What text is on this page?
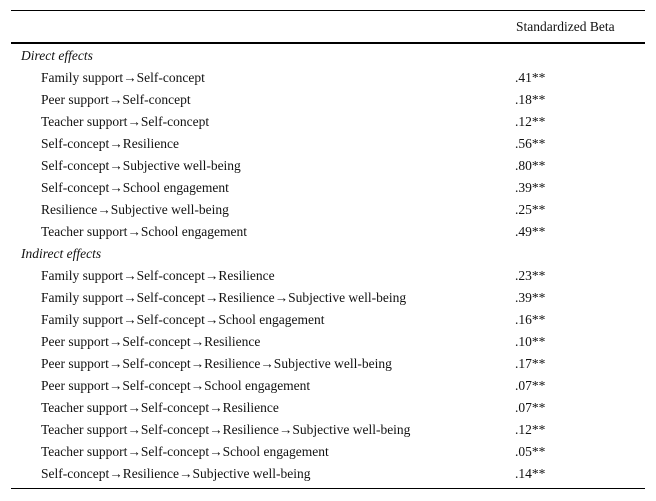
Standardized Beta
Direct effects
Family support→Self-concept	.41**
Peer support→Self-concept	.18**
Teacher support→Self-concept	.12**
Self-concept→Resilience	.56**
Self-concept→Subjective well-being	.80**
Self-concept→School engagement	.39**
Resilience→Subjective well-being	.25**
Teacher support→School engagement	.49**
Indirect effects
Family support→Self-concept→Resilience	.23**
Family support→Self-concept→Resilience→Subjective well-being	.39**
Family support→Self-concept→School engagement	.16**
Peer support→Self-concept→Resilience	.10**
Peer support→Self-concept→Resilience→Subjective well-being	.17**
Peer support→Self-concept→School engagement	.07**
Teacher support→Self-concept→Resilience	.07**
Teacher support→Self-concept→Resilience→Subjective well-being	.12**
Teacher support→Self-concept→School engagement	.05**
Self-concept→Resilience→Subjective well-being	.14**
